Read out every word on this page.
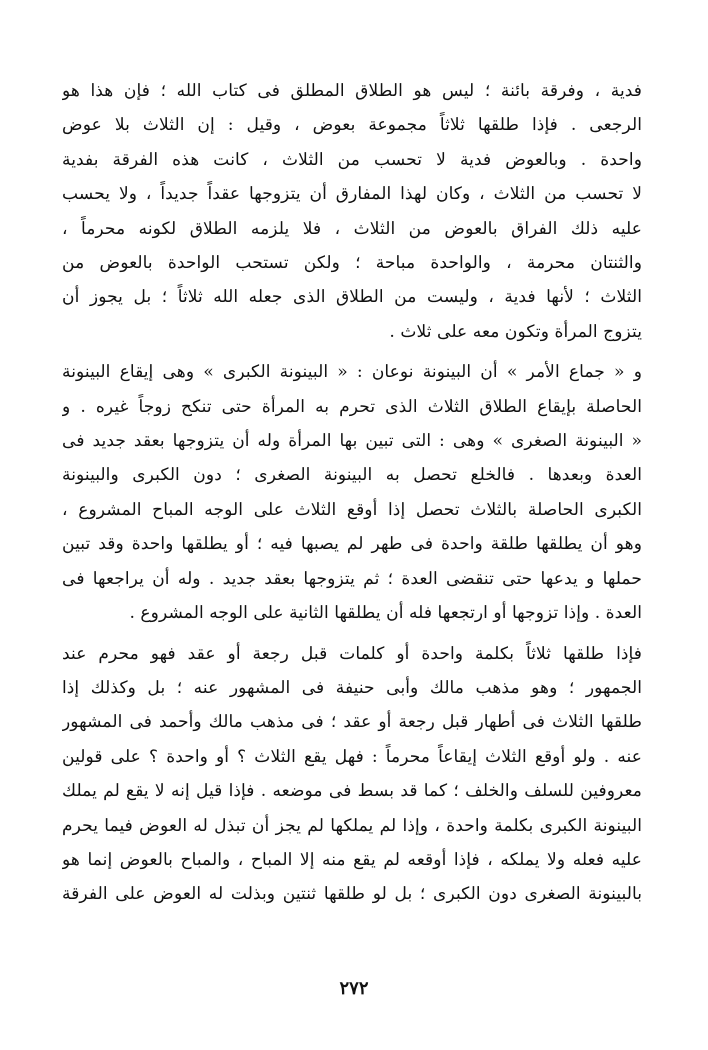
فدية ، وفرقة بائنة ؛ ليس هو الطلاق المطلق فى كتاب الله ؛ فإن هذا هو
الرجعى . فإذا طلقها ثلاثاً مجموعة بعوض ، وقيل : إن الثلاث بلا عوض
واحدة . وبالعوض فدية لا تحسب من الثلاث ، كانت هذه الفرقة بفدية
لا تحسب من الثلاث ، وكان لهذا المفارق أن يتزوجها عقداً جديداً ، ولا يحسب
عليه ذلك الفراق بالعوض من الثلاث ، فلا يلزمه الطلاق لكونه محرماً ،
والثنتان محرمة ، والواحدة مباحة ؛ ولكن تستحب الواحدة بالعوض من
الثلاث ؛ لأنها فدية ، وليست من الطلاق الذى جعله الله ثلاثاً ؛ بل يجوز أن
يتزوج المرأة وتكون معه على ثلاث .

و « جماع الأمر » أن البينونة نوعان : « البينونة الكبرى » وهى إيقاع البينونة
الحاصلة بإيقاع الطلاق الثلاث الذى تحرم به المرأة حتى تنكح زوجاً غيره . و
« البينونة الصغرى » وهى : التى تبين بها المرأة وله أن يتزوجها بعقد جديد فى
العدة وبعدها . فالخلع تحصل به البينونة الصغرى ؛ دون الكبرى والبينونة
الكبرى الحاصلة بالثلاث تحصل إذا أوقع الثلاث على الوجه المباح المشروع ،
وهو أن يطلقها طلقة واحدة فى طهر لم يصبها فيه ؛ أو يطلقها واحدة وقد تبين
حملها و يدعها حتى تنقضى العدة ؛ ثم يتزوجها بعقد جديد . وله أن يراجعها فى
العدة . وإذا تزوجها أو ارتجعها فله أن يطلقها الثانية على الوجه المشروع .

فإذا طلقها ثلاثاً بكلمة واحدة أو كلمات قبل رجعة أو عقد فهو محرم عند
الجمهور ؛ وهو مذهب مالك وأبى حنيفة فى المشهور عنه ؛ بل وكذلك إذا
طلقها الثلاث فى أطهار قبل رجعة أو عقد ؛ فى مذهب مالك وأحمد فى المشهور
عنه . ولو أوقع الثلاث إيقاعاً محرماً : فهل يقع الثلاث ؟ أو واحدة ؟ على قولين
معروفين للسلف والخلف ؛ كما قد بسط فى موضعه . فإذا قيل إنه لا يقع لم يملك
البينونة الكبرى بكلمة واحدة ، وإذا لم يملكها لم يجز أن تبذل له العوض فيما يحرم
عليه فعله ولا يملكه ، فإذا أوقعه لم يقع منه إلا المباح ، والمباح بالعوض إنما هو
بالبينونة الصغرى دون الكبرى ؛ بل لو طلقها ثنتين وبذلت له العوض على الفرقة

٢٧٢
